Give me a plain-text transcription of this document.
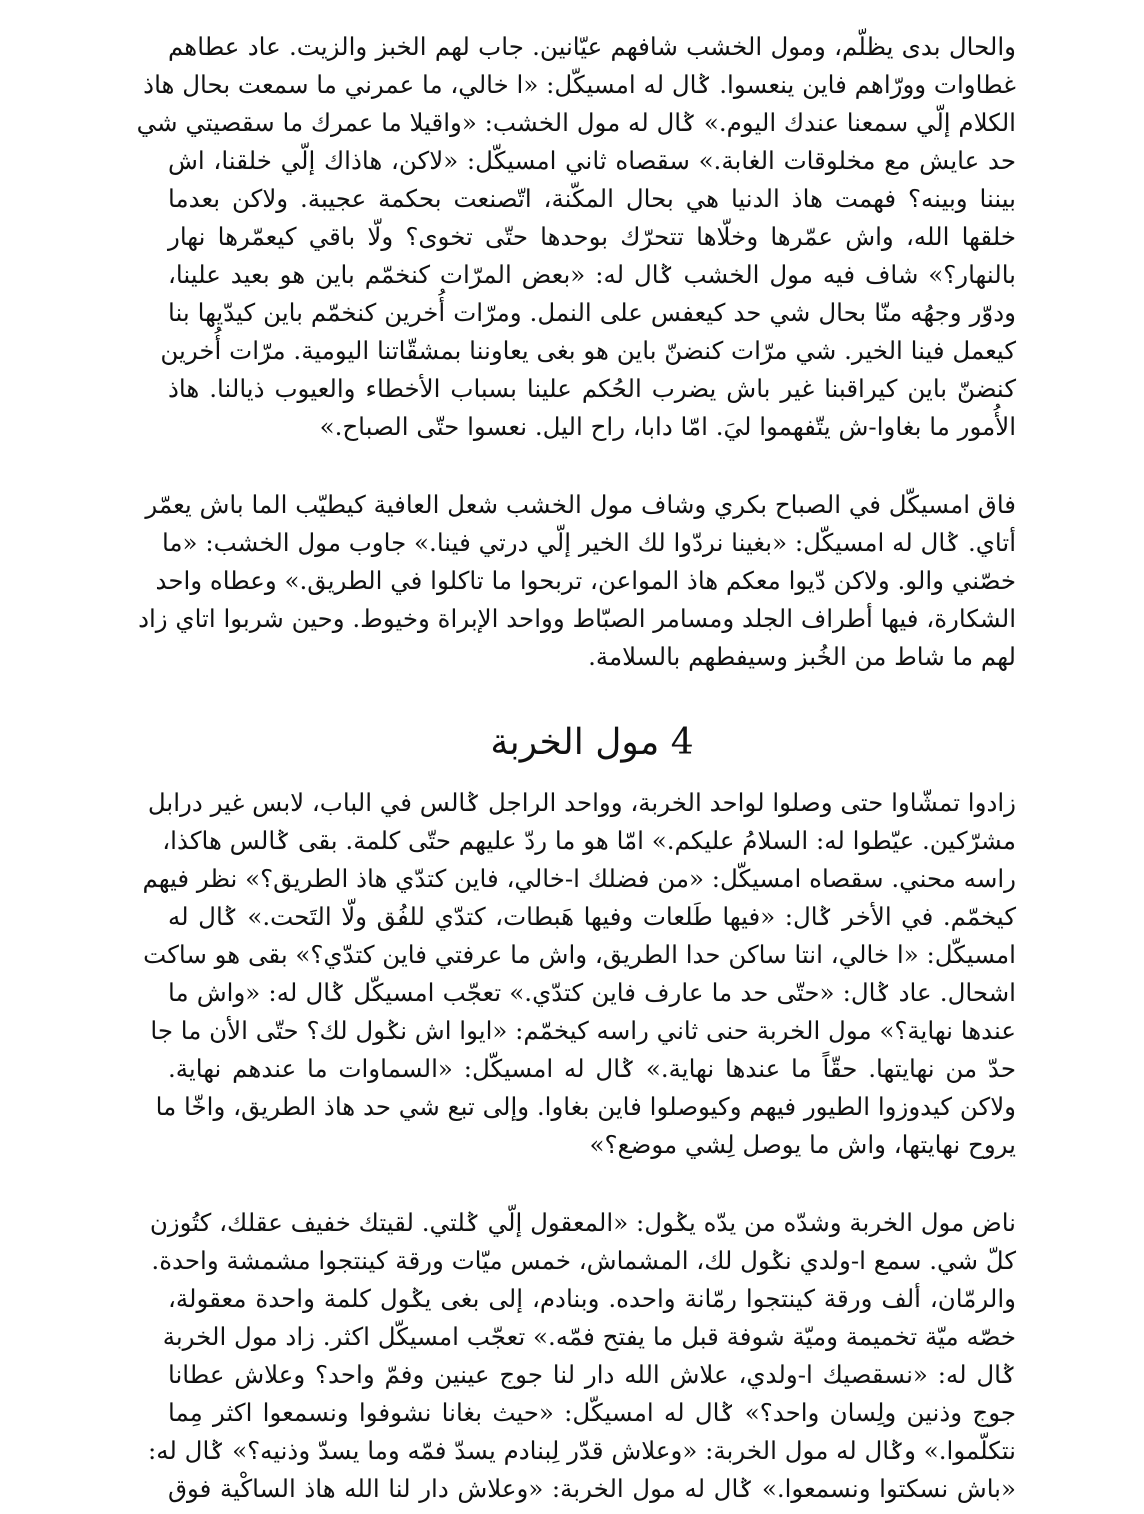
والحال بدى يظلّم، ومول الخشب شافهم عيّانين. جاب لهم الخبز والزيت. عاد عطاهم
غطاوات وورّاهم فاين ينعسوا. ݣال له امسيكّل: «ا خالي، ما عمرني ما سمعت بحال هاذ
الكلام إلّي سمعنا عندك اليوم.» ݣال له مول الخشب: «واقيلا ما عمرك ما سقصيتي شي
حد عايش مع مخلوقات الغابة.» سقصاه ثاني امسيكّل: «لاكن، هاذاك إلّي خلقنا، اش
بيننا وبينه؟ فهمت هاذ الدنيا هي بحال المكّنة، اتّصنعت بحكمة عجيبة. ولاكن بعدما
خلقها الله، واش عمّرها وخلّاها تتحرّك بوحدها حتّى تخوى؟ ولّا باقي كيعمّرها نهار
بالنهار؟» شاف فيه مول الخشب ݣال له: «بعض المرّات كنخمّم باين هو بعيد علينا،
ودوّر وجهُه منّا بحال شي حد كيعفس على النمل. ومرّات أُخرين كنخمّم باين كيدّيها بنا
كيعمل فينا الخير. شي مرّات كنضنّ باين هو بغى يعاوننا بمشقّاتنا اليومية. مرّات أُخرين
كنضنّ باين كيراقبنا غير باش يضرب الحُكم علينا بسباب الأخطاء والعيوب ذيالنا. هاذ
الأُمور ما بغاوا-ش يتّفهموا ليَ. امّا دابا، راح اليل. نعسوا حتّى الصباح.»
فاق امسيكّل في الصباح بكري وشاف مول الخشب شعل العافية كيطيّب الما باش يعمّر
أتاي. ݣال له امسيكّل: «بغينا نردّوا لك الخير إلّي درتي فينا.» جاوب مول الخشب: «ما
خصّني والو. ولاكن دّيوا معكم هاذ المواعن، تربحوا ما تاكلوا في الطريق.» وعطاه واحد
الشكارة، فيها أطراف الجلد ومسامر الصبّاط وواحد الإبراة وخيوط. وحين شربوا اتاي زاد
لهم ما شاط من الخُبز وسيفطهم بالسلامة.
4 مول الخربة
زادوا تمشّاوا حتى وصلوا لواحد الخربة، وواحد الراجل ݣالس في الباب، لابس غير درابل
مشرّكين. عيّطوا له: السلامُ عليكم.» امّا هو ما ردّ عليهم حتّى كلمة. بقى ݣالس هاكذا،
راسه محني. سقصاه امسيكّل: «من فضلك ا-خالي، فاين كتدّي هاذ الطريق؟» نظر فيهم
كيخمّم. في الأخر ݣال: «فيها طَلعات وفيها هَبطات، كتدّي للفُق ولّا التَحت.» ݣال له
امسيكّل: «ا خالي، انتا ساكن حدا الطريق، واش ما عرفتي فاين كتدّي؟» بقى هو ساكت
اشحال. عاد ݣال: «حتّى حد ما عارف فاين كتدّي.» تعجّب امسيكّل ݣال له: «واش ما
عندها نهاية؟» مول الخربة حنى ثاني راسه كيخمّم: «ايوا اش نݣول لك؟ حتّى الأن ما جا
حدّ من نهايتها. حقّاً ما عندها نهاية.» ݣال له امسيكّل: «السماوات ما عندهم نهاية.
ولاكن كيدوزوا الطيور فيهم وكيوصلوا فاين بغاوا. وإلى تبع شي حد هاذ الطريق، واخّا ما
يروح نهايتها، واش ما يوصل لِشي موضع؟»
ناض مول الخربة وشدّه من يدّه يݣول: «المعقول إلّي ݣلتي. لقيتك خفيف عقلك، كتُوزن
كلّ شي. سمع ا-ولدي نݣول لك، المشماش، خمس ميّات ورقة كينتجوا مشمشة واحدة.
والرمّان، ألف ورقة كينتجوا رمّانة واحده. وبنادم، إلى بغى يݣول كلمة واحدة معقولة،
خصّه ميّة تخميمة وميّة شوفة قبل ما يفتح فمّه.» تعجّب امسيكّل اكثر. زاد مول الخربة
ݣال له: «نسقصيك ا-ولدي، علاش الله دار لنا جوج عينين وفمّ واحد؟ وعلاش عطانا
جوج وذنين ولِسان واحد؟» ݣال له امسيكّل: «حيث بغانا نشوفوا ونسمعوا اكثر مِما
نتكلّموا.» وݣال له مول الخربة: «وعلاش قدّر لِبنادم يسدّ فمّه وما يسدّ وذنيه؟» ݣال له:
«باش نسكتوا ونسمعوا.» ݣال له مول الخربة: «وعلاش دار لنا الله هاذ الساكْية فوق
